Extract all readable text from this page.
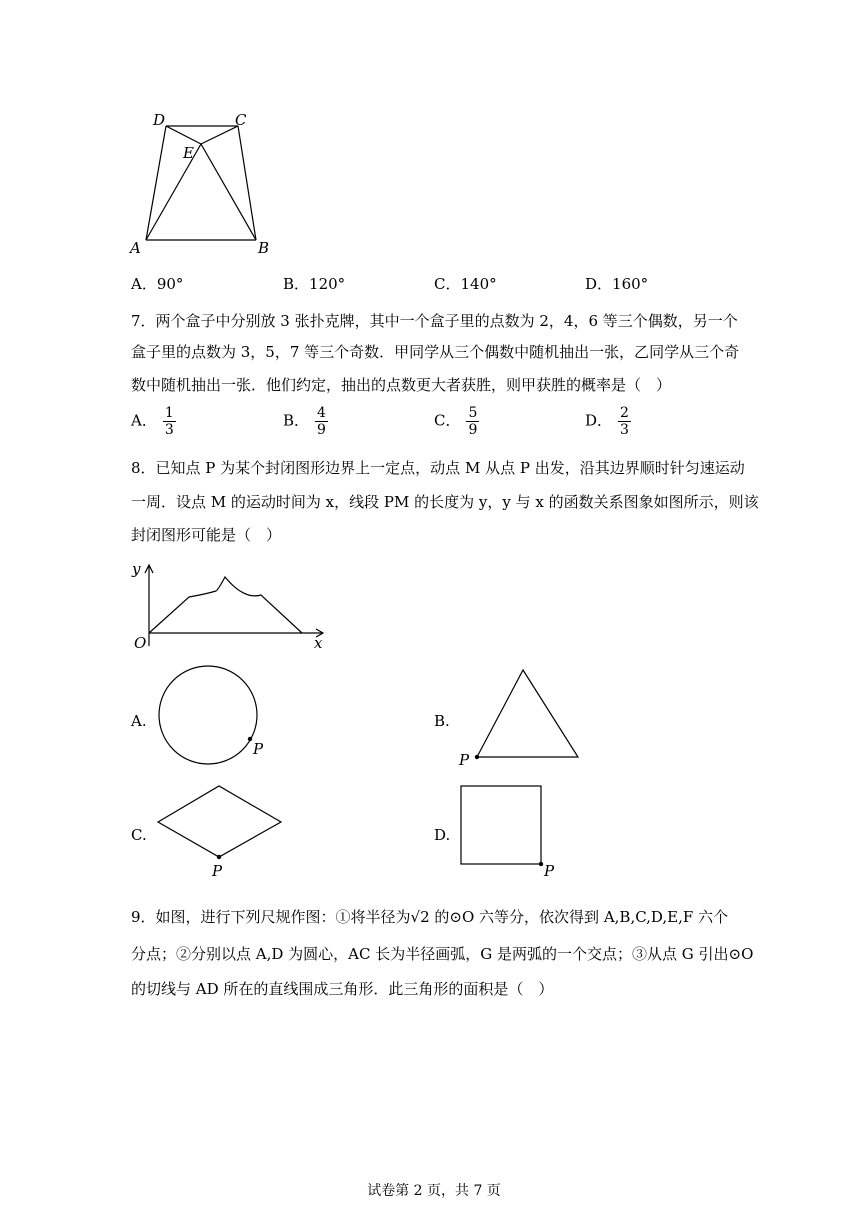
D	C
E
A	B
A．90°	B．120°	C．140°	D．160°
7．两个盒子中分别放 3 张扑克牌，其中一个盒子里的点数为 2，4，6 等三个偶数，另一个
盒子里的点数为 3，5，7 等三个奇数．甲同学从三个偶数中随机抽出一张，乙同学从三个奇
数中随机抽出一张．他们约定，抽出的点数更大者获胜，则甲获胜的概率是（　）
A． $\frac{1}{3}$	B． $\frac{4}{9}$	C． $\frac{5}{9}$	D． $\frac{2}{3}$
8．已知点 P 为某个封闭图形边界上一定点，动点 M 从点 P 出发，沿其边界顺时针匀速运动
一周．设点 M 的运动时间为 x，线段 PM 的长度为 y，y 与 x 的函数关系图象如图所示，则该
封闭图形可能是（　）
y
O	x
A.
P
B.
P
C.
P
D.
P
9．如图，进行下列尺规作图：①将半径为√2 的⊙O 六等分，依次得到 A,B,C,D,E,F 六个
分点；②分别以点 A,D 为圆心，AC 长为半径画弧，G 是两弧的一个交点；③从点 G 引出⊙O
的切线与 AD 所在的直线围成三角形．此三角形的面积是（　）
试卷第 2 页，共 7 页
